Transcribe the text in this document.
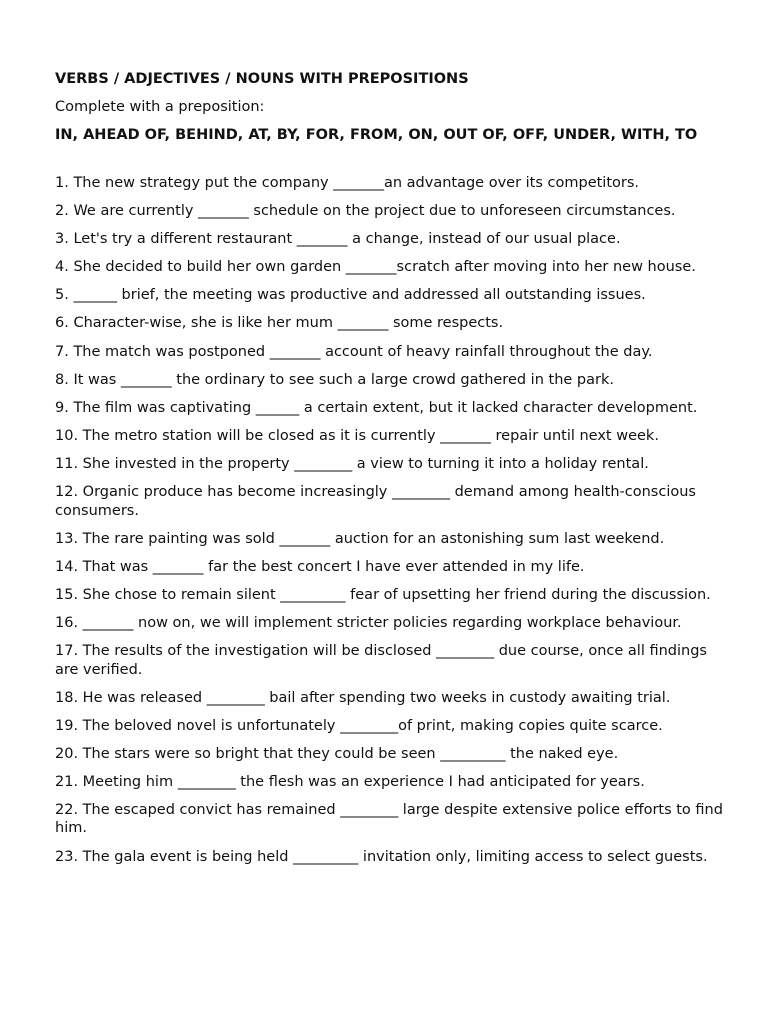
VERBS / ADJECTIVES / NOUNS WITH PREPOSITIONS
Complete with a preposition:
IN, AHEAD OF, BEHIND, AT, BY, FOR, FROM, ON, OUT OF, OFF, UNDER, WITH, TO
1. The new strategy put the company _______an advantage over its competitors.
2. We are currently _______ schedule on the project due to unforeseen circumstances.
3. Let's try a different restaurant _______ a change, instead of our usual place.
4. She decided to build her own garden _______scratch after moving into her new house.
5. ______ brief, the meeting was productive and addressed all outstanding issues.
6. Character-wise, she is like her mum _______ some respects.
7. The match was postponed _______ account of heavy rainfall throughout the day.
8. It was _______ the ordinary to see such a large crowd gathered in the park.
9. The film was captivating ______ a certain extent, but it lacked character development.
10. The metro station will be closed as it is currently _______ repair until next week.
11. She invested in the property ________ a view to turning it into a holiday rental.
12. Organic produce has become increasingly ________ demand among health-conscious consumers.
13. The rare painting was sold _______ auction for an astonishing sum last weekend.
14. That was _______ far the best concert I have ever attended in my life.
15. She chose to remain silent _________ fear of upsetting her friend during the discussion.
16. _______ now on, we will implement stricter policies regarding workplace behaviour.
17. The results of the investigation will be disclosed ________ due course, once all findings are verified.
18. He was released ________ bail after spending two weeks in custody awaiting trial.
19. The beloved novel is unfortunately ________of print, making copies quite scarce.
20. The stars were so bright that they could be seen _________ the naked eye.
21. Meeting him ________ the flesh was an experience I had anticipated for years.
22. The escaped convict has remained ________ large despite extensive police efforts to find him.
23. The gala event is being held _________ invitation only, limiting access to select guests.
